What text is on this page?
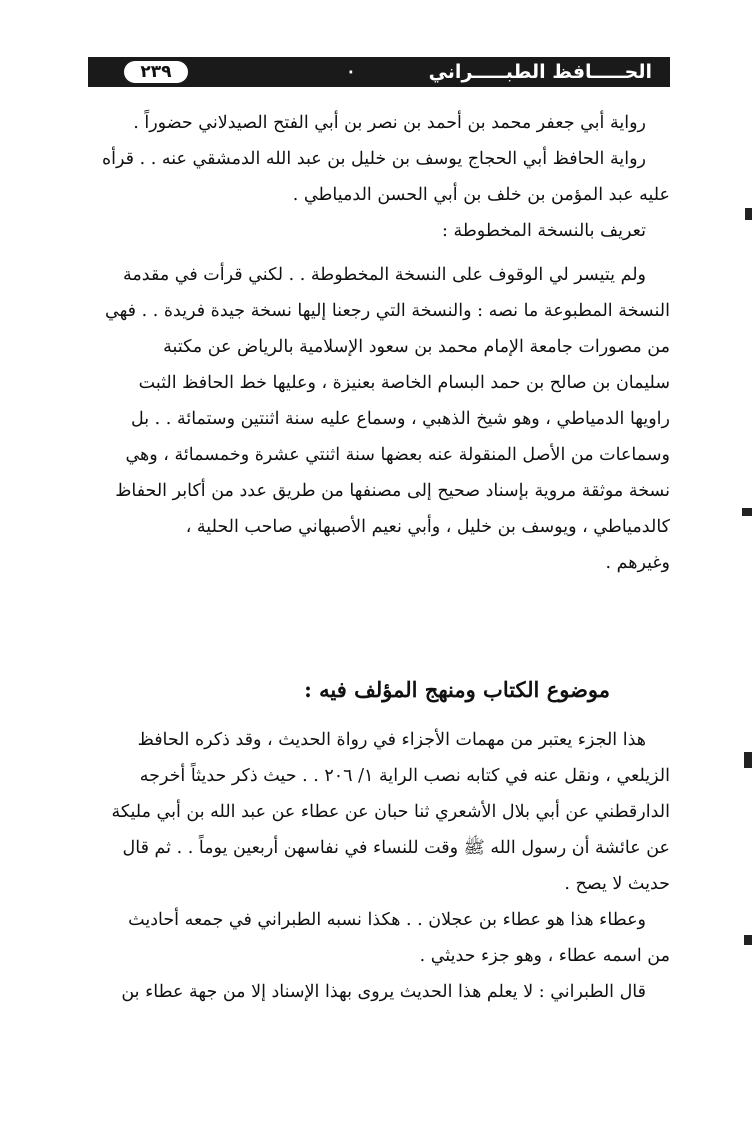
الحـــــافظ الطبـــــراني
٠
٢٣٩
رواية أبي جعفر محمد بن أحمد بن نصر بن أبي الفتح الصيدلاني حضوراً .
رواية الحافظ أبي الحجاج يوسف بن خليل بن عبد الله الدمشقي عنه . . قرأه
عليه عبد المؤمن بن خلف بن أبي الحسن الدمياطي .
تعريف بالنسخة المخطوطة :
ولم يتيسر لي الوقوف على النسخة المخطوطة . . لكني قرأت في مقدمة
النسخة المطبوعة ما نصه : والنسخة التي رجعنا إليها نسخة جيدة فريدة . . فهي
من مصورات جامعة الإمام محمد بن سعود الإسلامية بالرياض عن مكتبة
سليمان بن صالح بن حمد البسام الخاصة بعنيزة ، وعليها خط الحافظ الثبت
راويها الدمياطي ، وهو شيخ الذهبي ، وسماع عليه سنة اثنتين وستمائة . . بل
وسماعات من الأصل المنقولة عنه بعضها سنة اثنتي عشرة وخمسمائة ، وهي
نسخة موثقة مروية بإسناد صحيح إلى مصنفها من طريق عدد من أكابر الحفاظ
كالدمياطي ، ويوسف بن خليل ، وأبي نعيم الأصبهاني صاحب الحلية ،
وغيرهم .
موضوع الكتاب ومنهج المؤلف فيه :
هذا الجزء يعتبر من مهمات الأجزاء في رواة الحديث ، وقد ذكره الحافظ
الزيلعي ، ونقل عنه في كتابه نصب الراية ١/ ٢٠٦ . . حيث ذكر حديثاً أخرجه
الدارقطني عن أبي بلال الأشعري ثنا حبان عن عطاء عن عبد الله بن أبي مليكة
عن عائشة أن رسول الله ﷺ وقت للنساء في نفاسهن أربعين يوماً . . ثم قال
حديث لا يصح .
وعطاء هذا هو عطاء بن عجلان . . هكذا نسبه الطبراني في جمعه أحاديث
من اسمه عطاء ، وهو جزء حديثي .
قال الطبراني : لا يعلم هذا الحديث يروى بهذا الإسناد إلا من جهة عطاء بن
